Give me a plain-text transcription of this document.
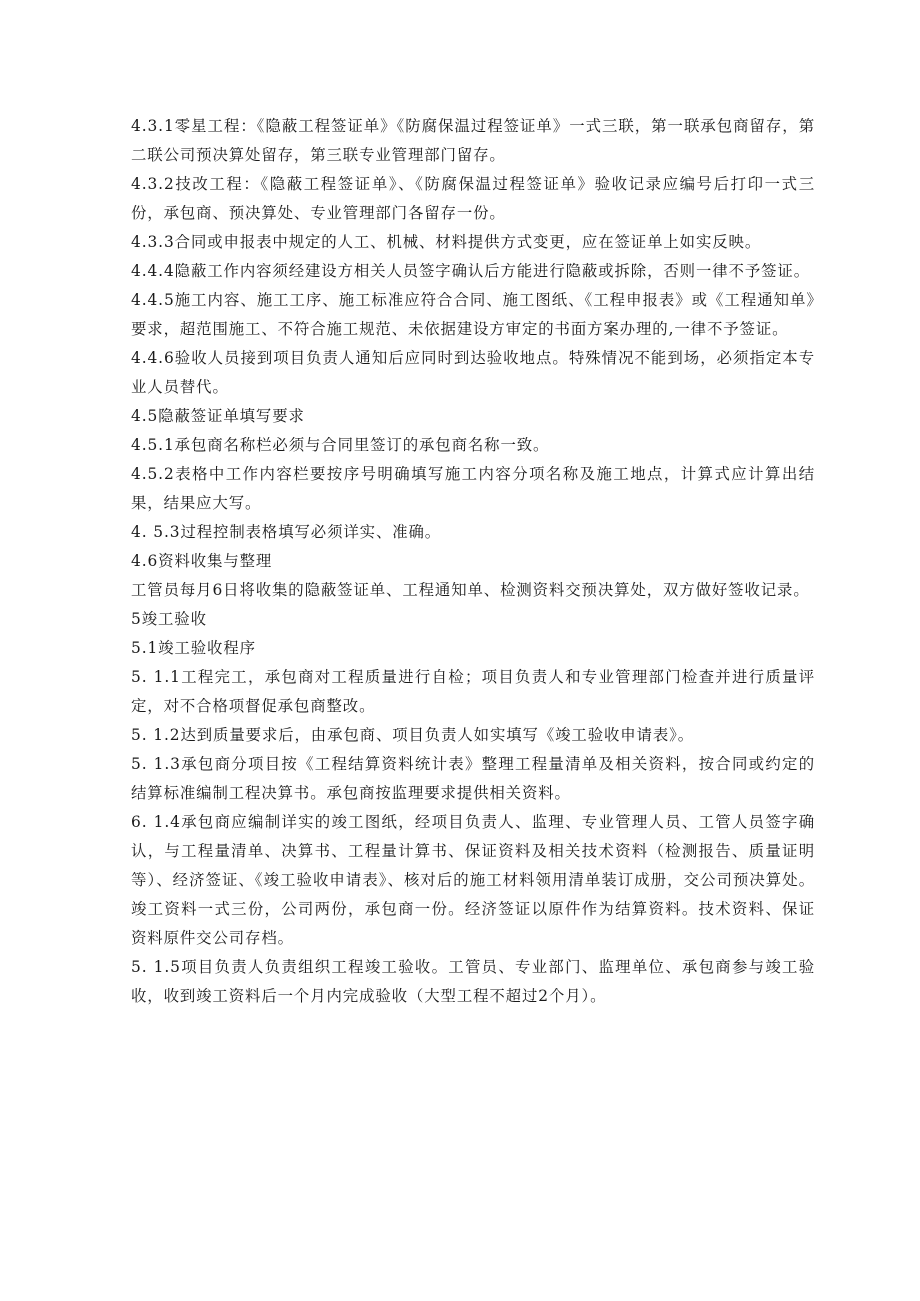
4.3.1零星工程：《隐蔽工程签证单》《防腐保温过程签证单》一式三联，第一联承包商留存，第二联公司预决算处留存，第三联专业管理部门留存。

4.3.2技改工程：《隐蔽工程签证单》、《防腐保温过程签证单》验收记录应编号后打印一式三份，承包商、预决算处、专业管理部门各留存一份。

4.3.3合同或申报表中规定的人工、机械、材料提供方式变更，应在签证单上如实反映。

4.4.4隐蔽工作内容须经建设方相关人员签字确认后方能进行隐蔽或拆除，否则一律不予签证。

4.4.5施工内容、施工工序、施工标准应符合合同、施工图纸、《工程申报表》或《工程通知单》要求，超范围施工、不符合施工规范、未依据建设方审定的书面方案办理的,一律不予签证。

4.4.6验收人员接到项目负责人通知后应同时到达验收地点。特殊情况不能到场，必须指定本专业人员替代。

4.5隐蔽签证单填写要求

4.5.1承包商名称栏必须与合同里签订的承包商名称一致。

4.5.2表格中工作内容栏要按序号明确填写施工内容分项名称及施工地点，计算式应计算出结果，结果应大写。

4. 5.3过程控制表格填写必须详实、准确。

4.6资料收集与整理

工管员每月6日将收集的隐蔽签证单、工程通知单、检测资料交预决算处，双方做好签收记录。

5竣工验收

5.1竣工验收程序

5. 1.1工程完工，承包商对工程质量进行自检；项目负责人和专业管理部门检查并进行质量评定，对不合格项督促承包商整改。

5. 1.2达到质量要求后，由承包商、项目负责人如实填写《竣工验收申请表》。

5. 1.3承包商分项目按《工程结算资料统计表》整理工程量清单及相关资料，按合同或约定的结算标准编制工程决算书。承包商按监理要求提供相关资料。

6. 1.4承包商应编制详实的竣工图纸，经项目负责人、监理、专业管理人员、工管人员签字确认，与工程量清单、决算书、工程量计算书、保证资料及相关技术资料（检测报告、质量证明等）、经济签证、《竣工验收申请表》、核对后的施工材料领用清单装订成册，交公司预决算处。竣工资料一式三份，公司两份，承包商一份。经济签证以原件作为结算资料。技术资料、保证资料原件交公司存档。

5. 1.5项目负责人负责组织工程竣工验收。工管员、专业部门、监理单位、承包商参与竣工验收，收到竣工资料后一个月内完成验收（大型工程不超过2个月）。
